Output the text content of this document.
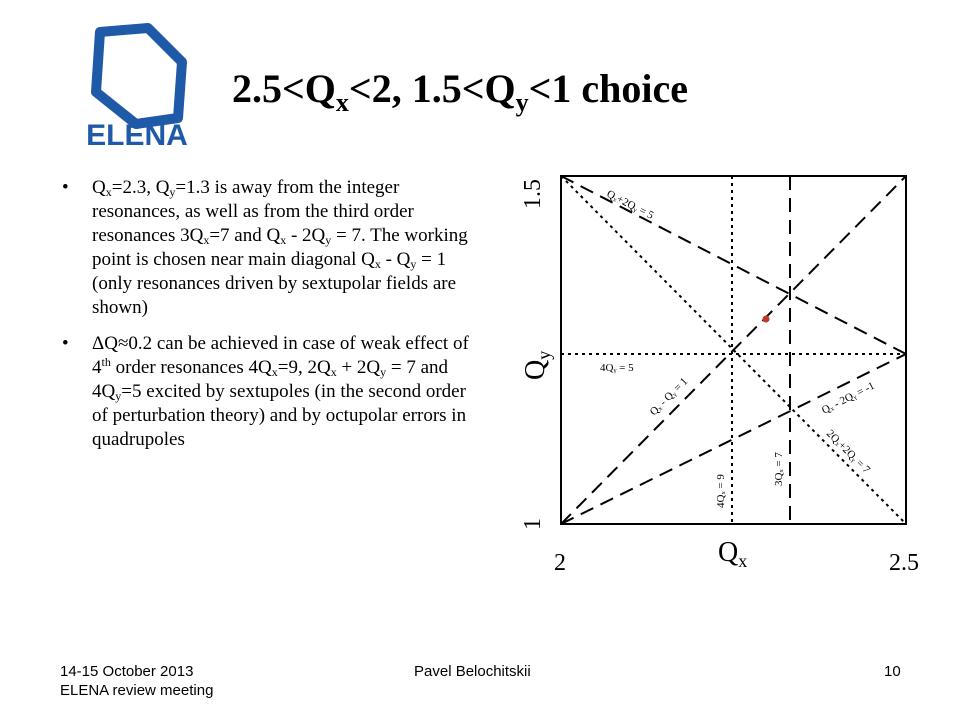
ELENA
$2.5<Q_x<2$, $1.5<Q_y<1$ choice
• $Q_x=2.3$, $Q_y=1.3$ is away from the integer resonances, as well as from the third order resonances $3Q_x=7$ and $Q_x - 2Q_y = 7$. The working point is chosen near main diagonal $Q_x - Q_y = 1$ (only resonances driven by sextupolar fields are shown)
• ΔQ≈0.2 can be achieved in case of weak effect of 4th order resonances $4Q_x=9$, $2Q_x + 2Q_y = 7$ and $4Q_y=5$ excited by sextupoles (in the second order of perturbation theory) and by octupolar errors in quadrupoles
Qₓ+2Qᵧ = 5
4Qᵧ = 5
Qₓ - Qᵧ = 1
4Qₓ = 9
3Qₓ = 7
Qₓ - 2Qᵧ = -1
2Qₓ+2Qᵧ = 7
2	2.5
1
1.5
$Q_x$
$Q_y$
14-15 October 2013
ELENA review meeting
Pavel Belochitskii	10
